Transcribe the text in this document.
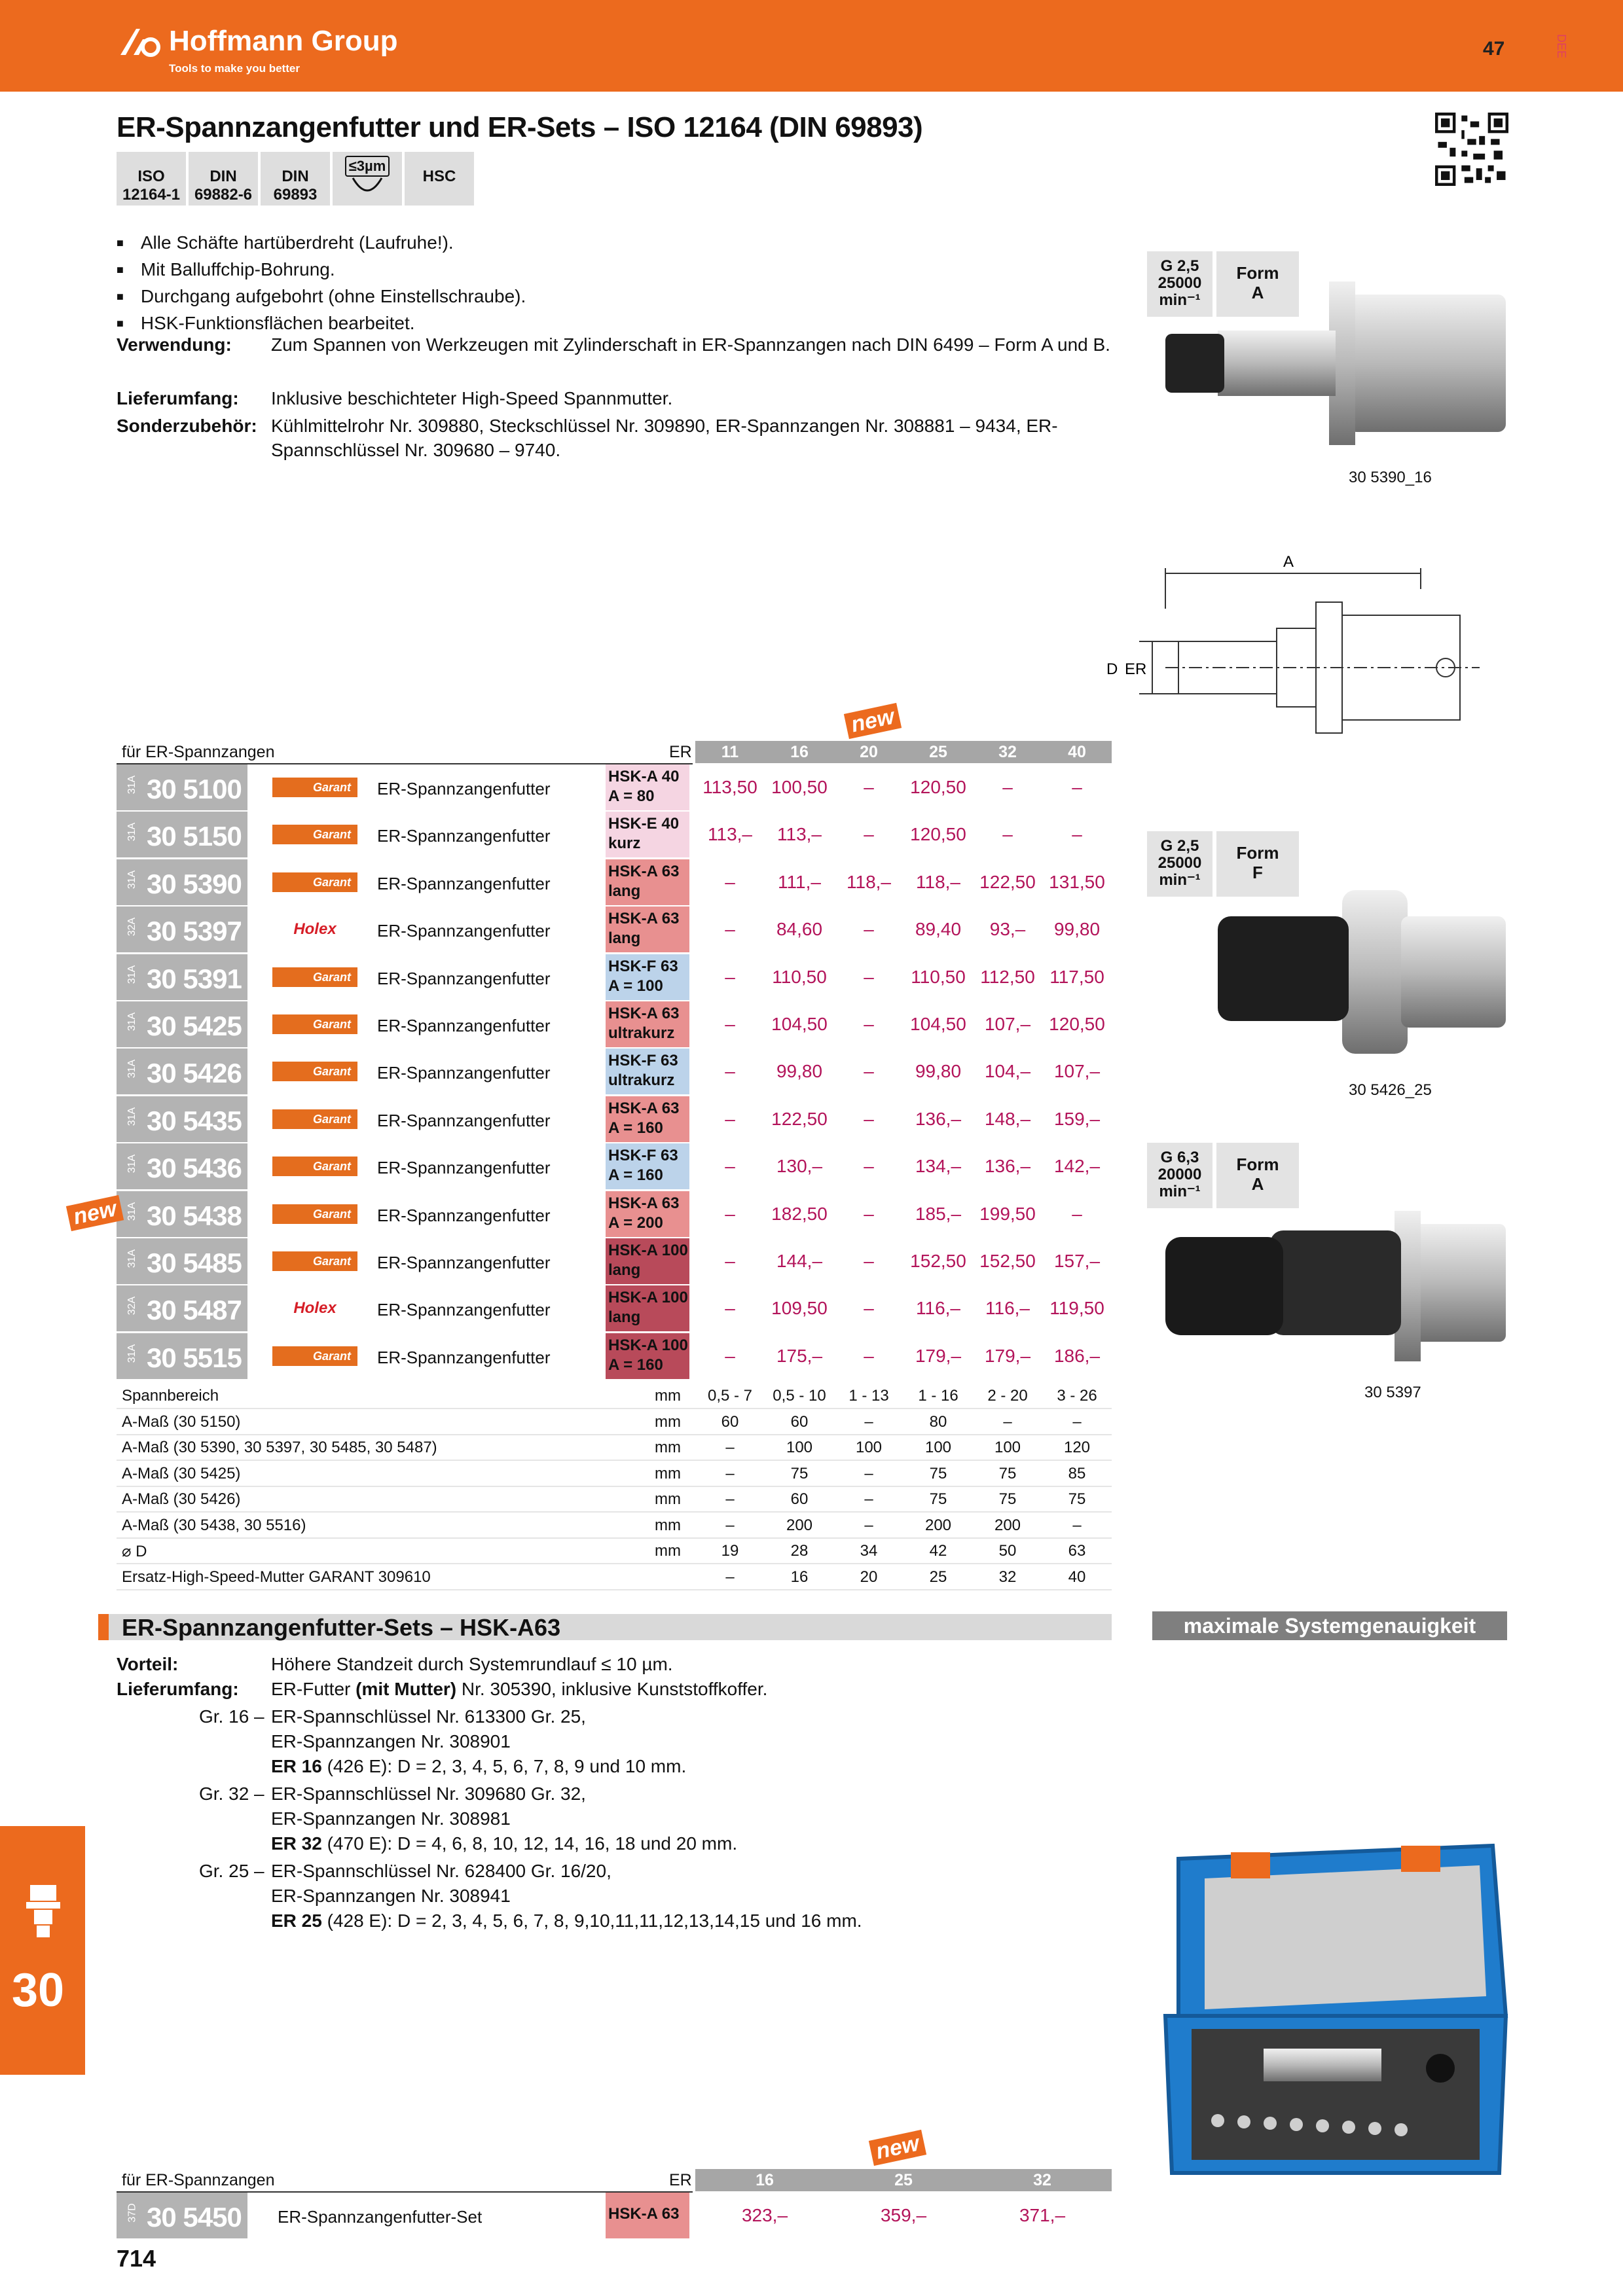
Hoffmann Group
Tools to make you better
47	DEE
ER-Spannzangenfutter und ER-Sets – ISO 12164 (DIN 69893)
ISO
12164-1
DIN
69882-6
DIN
69893
≤3µm
HSC
■ Alle Schäfte hartüberdreht (Laufruhe!).
■ Mit Balluffchip-Bohrung.
■ Durchgang aufgebohrt (ohne Einstellschraube).
■ HSK-Funktionsflächen bearbeitet.
Verwendung: Zum Spannen von Werkzeugen mit Zylinderschaft in ER-Spannzangen nach DIN 6499 – Form A und B.
Lieferumfang: Inklusive beschichteter High-Speed Spannmutter.
Sonderzubehör: Kühlmittelrohr Nr. 309880, Steckschlüssel Nr. 309890, ER-Spannzangen Nr. 308881 – 9434, ER-Spannschlüssel Nr. 309680 – 9740.
G 2,5
25000
min⁻¹
Form
A
30 5390_16
A
D ER
G 2,5
25000
min⁻¹
Form
F
30 5426_25
G 6,3
20000
min⁻¹
Form
A
30 5397
für ER-Spannzangen	ER	11	16	20	25	32	40
new
31A 30 5100	Garant	ER-Spannzangenfutter
HSK-A 40
A = 80	113,50 100,50	–	120,50	–	–
31A 30 5150	Garant	ER-Spannzangenfutter
HSK-E 40
kurz	113,–	113,–	–	120,50	–	–
31A 30 5390	Garant	ER-Spannzangenfutter
HSK-A 63
lang	–	111,–	118,–	118,–	122,50 131,50
32A 30 5397	Holex	ER-Spannzangenfutter
HSK-A 63
lang	–	84,60	–	89,40	93,–	99,80
31A 30 5391	Garant	ER-Spannzangenfutter
HSK-F 63
A = 100	–	110,50	–	110,50 112,50 117,50
31A 30 5425	Garant	ER-Spannzangenfutter
HSK-A 63
ultrakurz	–	104,50	–	104,50	107,–	120,50
31A 30 5426	Garant	ER-Spannzangenfutter
HSK-F 63
ultrakurz	–	99,80	–	99,80	104,–	107,–
31A 30 5435	Garant	ER-Spannzangenfutter
HSK-A 63
A = 160	–	122,50	–	136,–	148,–	159,–
31A 30 5436	Garant	ER-Spannzangenfutter
HSK-F 63
A = 160	–	130,–	–	134,–	136,–	142,–
31A 30 5438	Garant	ER-Spannzangenfutter
HSK-A 63
A = 200	–	182,50	–	185,–	199,50	–
new
31A 30 5485	Garant	ER-Spannzangenfutter
HSK-A 100
lang	–	144,–	–	152,50 152,50	157,–
32A 30 5487	Holex	ER-Spannzangenfutter
HSK-A 100
lang	–	109,50	–	116,–	116,–	119,50
31A 30 5515	Garant	ER-Spannzangenfutter
HSK-A 100
A = 160	–	175,–	–	179,–	179,–	186,–
Spannbereich	mm	0,5 - 7	0,5 - 10	1 - 13	1 - 16	2 - 20	3 - 26
A-Maß (30 5150)	mm	60	60	–	80	–	–
A-Maß (30 5390, 30 5397, 30 5485, 30 5487)	mm	–	100	100	100	100	120
A-Maß (30 5425)	mm	–	75	–	75	75	85
A-Maß (30 5426)	mm	–	60	–	75	75	75
A-Maß (30 5438, 30 5516)	mm	–	200	–	200	200	–
⌀ D	mm	19	28	34	42	50	63
Ersatz-High-Speed-Mutter GARANT 309610	–	16	20	25	32	40
ER-Spannzangenfutter-Sets – HSK-A63	maximale Systemgenauigkeit
Vorteil:	Höhere Standzeit durch Systemrundlauf ≤ 10 µm.
Lieferumfang: ER-Futter (mit Mutter) Nr. 305390, inklusive Kunststoffkoffer.
Gr. 16 – ER-Spannschlüssel Nr. 613300 Gr. 25,
ER-Spannzangen Nr. 308901
ER 16 (426 E): D = 2, 3, 4, 5, 6, 7, 8, 9 und 10 mm.
Gr. 32 – ER-Spannschlüssel Nr. 309680 Gr. 32,
ER-Spannzangen Nr. 308981
ER 32 (470 E): D = 4, 6, 8, 10, 12, 14, 16, 18 und 20 mm.
Gr. 25 – ER-Spannschlüssel Nr. 628400 Gr. 16/20,
ER-Spannzangen Nr. 308941
ER 25 (428 E): D = 2, 3, 4, 5, 6, 7, 8, 9,10,11,11,12,13,14,15 und 16 mm.
für ER-Spannzangen	ER	16	25	32
new
37D 30 5450 ER-Spannzangenfutter-Set	HSK-A 63	323,–	359,–	371,–
30
714
